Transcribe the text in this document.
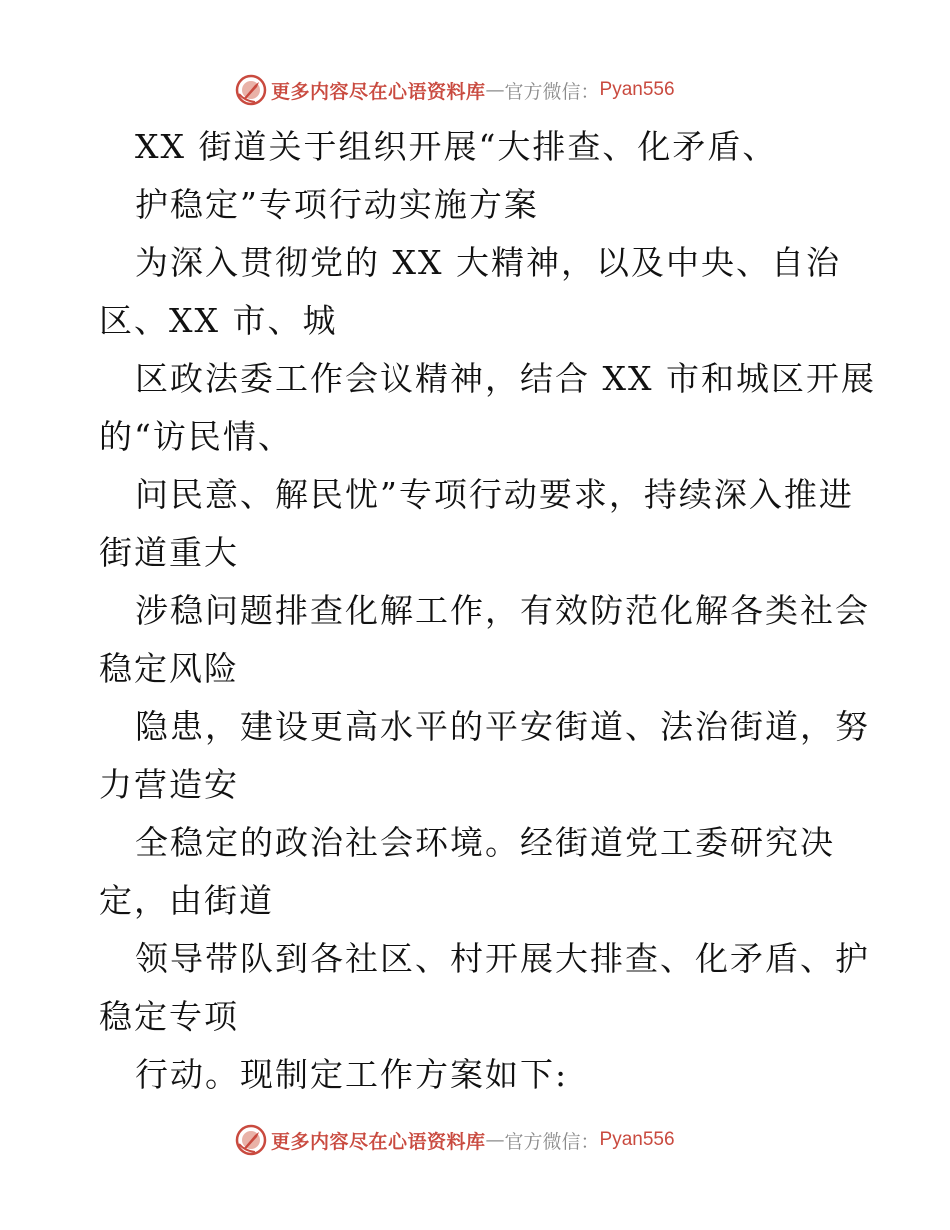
更多内容尽在心语资料库 — 官方微信： Pyan556

XX 街道关于组织开展“大排查、化矛盾、

护稳定”专项行动实施方案

为深入贯彻党的 XX 大精神，以及中央、自治

区、XX 市、城

区政法委工作会议精神，结合 XX 市和城区开展

的“访民情、

问民意、解民忧”专项行动要求，持续深入推进

街道重大

涉稳问题排查化解工作，有效防范化解各类社会

稳定风险

隐患，建设更高水平的平安街道、法治街道，努

力营造安

全稳定的政治社会环境。经街道党工委研究决

定，由街道

领导带队到各社区、村开展大排查、化矛盾、护

稳定专项

行动。现制定工作方案如下:

更多内容尽在心语资料库 — 官方微信： Pyan556
